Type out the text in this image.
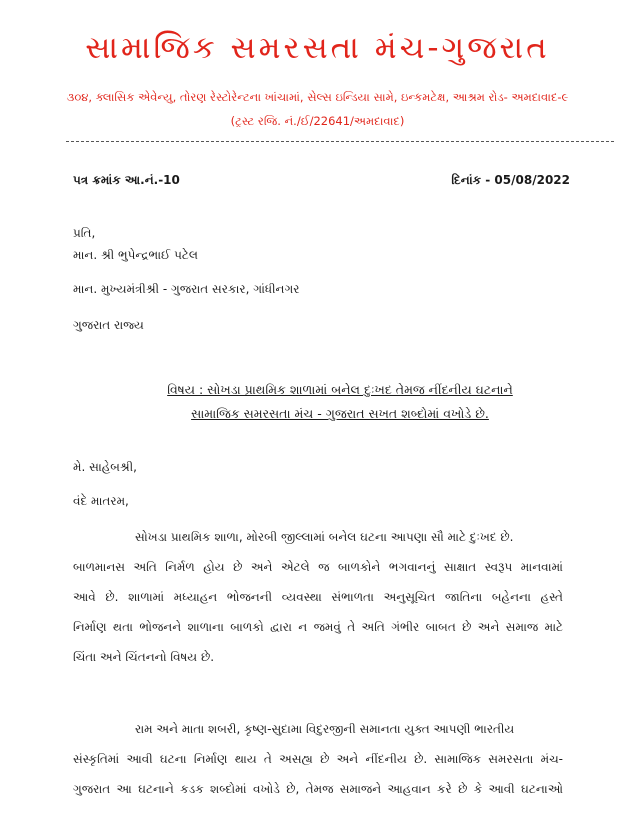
સામાજિક સમરસતા મંચ-ગુજરાત
૩૦૪, ક્લાસિક એવેન્યુ, તોરણ રેસ્ટોરેન્ટના ખાંચામાં, સેલ્સ ઇન્ડિયા સામે, ઇન્કમટેક્ષ, આશ્રમ રોડ- અમદાવાદ-૯
(ટ્રસ્ટ રજિ. નં./ઈ/22641/અમદાવાદ)
પત્ર ક્રમાંક આ.નં.-10	દિનાંક - 05/08/2022
પ્રતિ,
માન. શ્રી ભુપેન્દ્રભાઈ પટેલ
માન. મુખ્યમંત્રીશ્રી - ગુજરાત સરકાર, ગાંધીનગર
ગુજરાત રાજ્ય
વિષય : સોખડા પ્રાથમિક શાળામાં બનેલ દુઃખદ તેમજ નીંદનીય ઘટનાને
સામાજિક સમરસતા મંચ - ગુજરાત સખત શબ્દોમાં વખોડે છે.
મે. સાહેબશ્રી,
વંદે માતરમ,
સોખડા પ્રાથમિક શાળા, મોરબી જીલ્લામાં બનેલ ઘટના આપણા સૌ માટે દુઃખદ છે.
બાળમાનસ અતિ નિર્મળ હોય છે અને એટલે જ બાળકોને ભગવાનનું સાક્ષાત સ્વરૂપ માનવામાં
આવે છે. શાળામાં મધ્યાહન ભોજનની વ્યવસ્થા સંભાળતા અનુસૂચિત જાતિના બહેનના હસ્તે
નિર્માણ થતા ભોજનને શાળાના બાળકો દ્વારા ન જમવું તે અતિ ગંભીર બાબત છે અને સમાજ માટે
ચિંતા અને ચિંતનનો વિષય છે.
રામ અને માતા શબરી, કૃષ્ણ-સુદામા વિદુરજીની સમાનતા યુક્ત આપણી ભારતીય
સંસ્કૃતિમાં આવી ઘટના નિર્માણ થાય તે અસહ્ય છે અને નીંદનીય છે. સામાજિક સમરસતા મંચ-
ગુજરાત આ ઘટનાને કડક શબ્દોમાં વખોડે છે, તેમજ સમાજને આહવાન કરે છે કે આવી ઘટનાઓ
